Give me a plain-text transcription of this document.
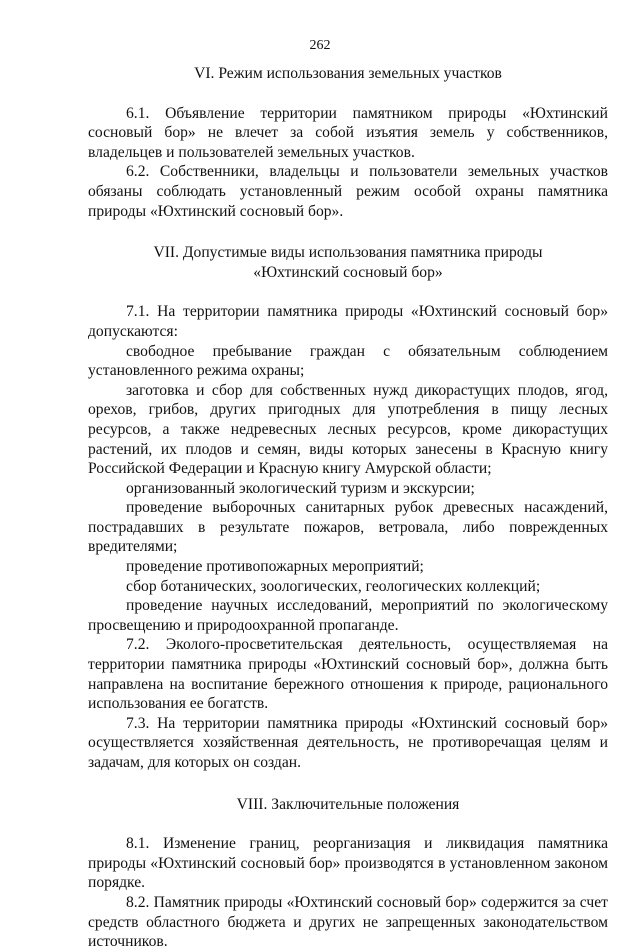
262
VI. Режим использования земельных участков

6.1. Объявление территории памятником природы «Юхтинский сосновый бор» не влечет за собой изъятия земель у собственников, владельцев и пользователей земельных участков.

6.2. Собственники, владельцы и пользователи земельных участков обязаны соблюдать установленный режим особой охраны памятника природы «Юхтинский сосновый бор».

VII. Допустимые виды использования памятника природы
«Юхтинский сосновый бор»

7.1. На территории памятника природы «Юхтинский сосновый бор» допускаются:

свободное пребывание граждан с обязательным соблюдением установленного режима охраны;

заготовка и сбор для собственных нужд дикорастущих плодов, ягод, орехов, грибов, других пригодных для употребления в пищу лесных ресурсов, а также недревесных лесных ресурсов, кроме дикорастущих растений, их плодов и семян, виды которых занесены в Красную книгу Российской Федерации и Красную книгу Амурской области;

организованный экологический туризм и экскурсии;

проведение выборочных санитарных рубок древесных насаждений, пострадавших в результате пожаров, ветровала, либо поврежденных вредителями;

проведение противопожарных мероприятий;

сбор ботанических, зоологических, геологических коллекций;

проведение научных исследований, мероприятий по экологическому просвещению и природоохранной пропаганде.

7.2. Эколого-просветительская деятельность, осуществляемая на территории памятника природы «Юхтинский сосновый бор», должна быть направлена на воспитание бережного отношения к природе, рационального использования ее богатств.

7.3. На территории памятника природы «Юхтинский сосновый бор» осуществляется хозяйственная деятельность, не противоречащая целям и задачам, для которых он создан.

VIII. Заключительные положения

8.1. Изменение границ, реорганизация и ликвидация памятника природы «Юхтинский сосновый бор» производятся в установленном законом порядке.

8.2. Памятник природы «Юхтинский сосновый бор» содержится за счет средств областного бюджета и других не запрещенных законодательством источников.
